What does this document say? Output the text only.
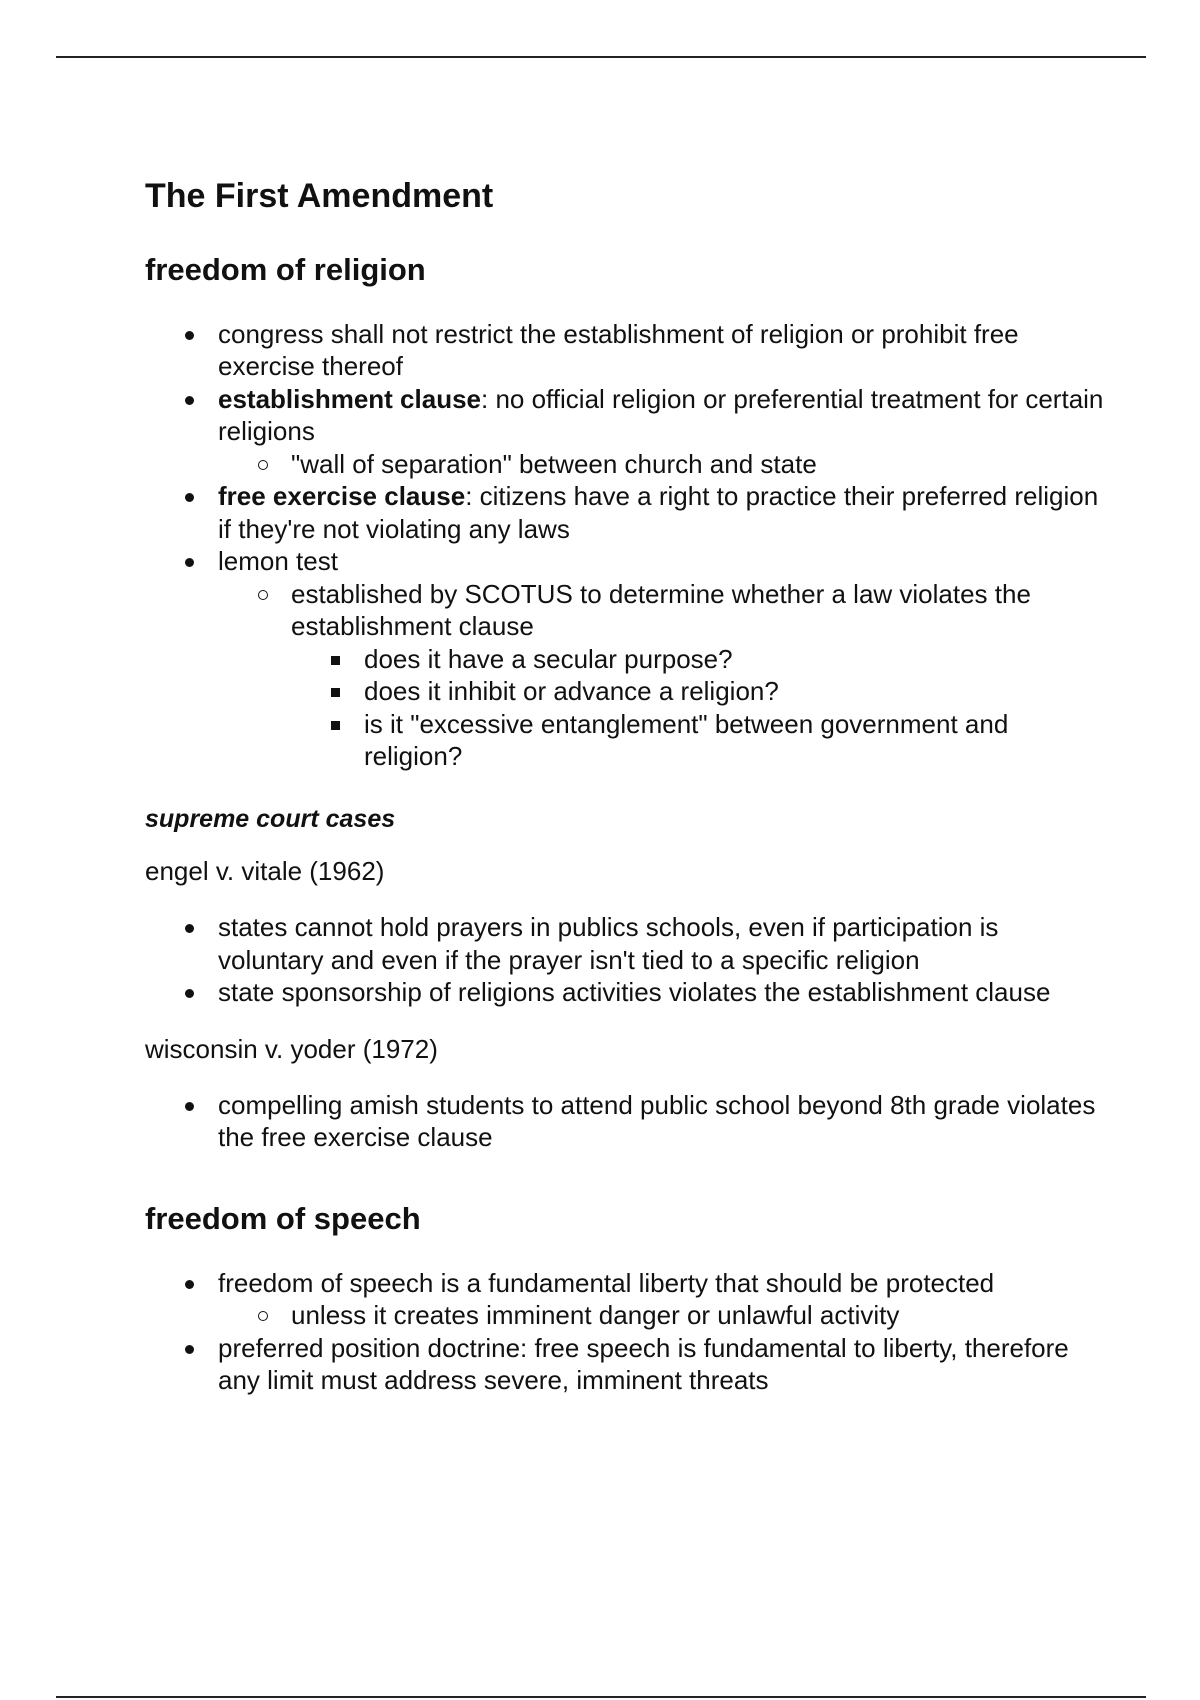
The First Amendment
freedom of religion
congress shall not restrict the establishment of religion or prohibit free exercise thereof
establishment clause: no official religion or preferential treatment for certain religions
"wall of separation" between church and state
free exercise clause: citizens have a right to practice their preferred religion if they're not violating any laws
lemon test
established by SCOTUS to determine whether a law violates the establishment clause
does it have a secular purpose?
does it inhibit or advance a religion?
is it "excessive entanglement" between government and religion?
supreme court cases

engel v. vitale (1962)

states cannot hold prayers in publics schools, even if participation is voluntary and even if the prayer isn't tied to a specific religion
state sponsorship of religions activities violates the establishment clause

wisconsin v. yoder (1972)

compelling amish students to attend public school beyond 8th grade violates the free exercise clause
freedom of speech
freedom of speech is a fundamental liberty that should be protected
unless it creates imminent danger or unlawful activity
preferred position doctrine: free speech is fundamental to liberty, therefore any limit must address severe, imminent threats
